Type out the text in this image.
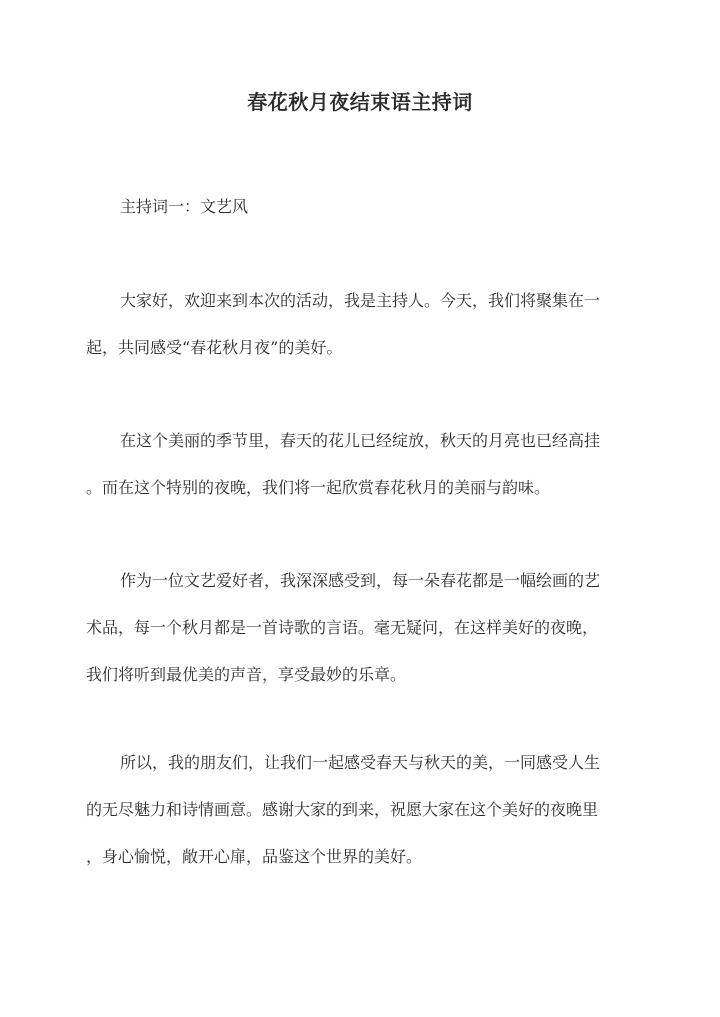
春花秋月夜结束语主持词

主持词一：文艺风

大家好，欢迎来到本次的活动，我是主持人。今天，我们将聚集在一
起，共同感受“春花秋月夜”的美好。
在这个美丽的季节里，春天的花儿已经绽放，秋天的月亮也已经高挂
。而在这个特别的夜晚，我们将一起欣赏春花秋月的美丽与韵味。
作为一位文艺爱好者，我深深感受到，每一朵春花都是一幅绘画的艺
术品，每一个秋月都是一首诗歌的言语。毫无疑问，在这样美好的夜晚，
我们将听到最优美的声音，享受最妙的乐章。
所以，我的朋友们，让我们一起感受春天与秋天的美，一同感受人生
的无尽魅力和诗情画意。感谢大家的到来，祝愿大家在这个美好的夜晚里
，身心愉悦，敞开心扉，品鉴这个世界的美好。
